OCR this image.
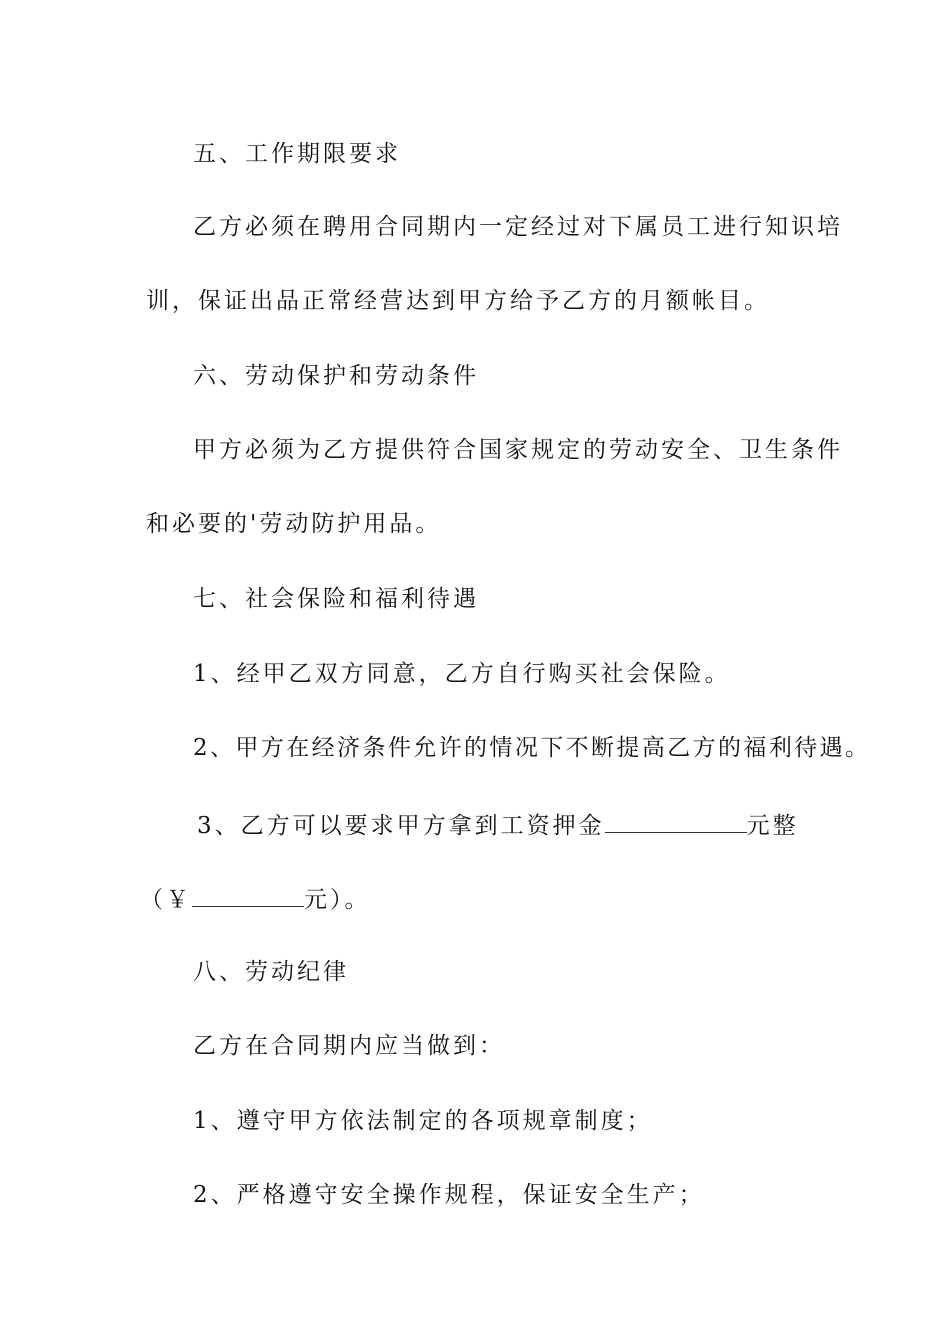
五、工作期限要求

乙方必须在聘用合同期内一定经过对下属员工进行知识培

训，保证出品正常经营达到甲方给予乙方的月额帐目。

六、劳动保护和劳动条件

甲方必须为乙方提供符合国家规定的劳动安全、卫生条件

和必要的'劳动防护用品。

七、社会保险和福利待遇

1、经甲乙双方同意，乙方自行购买社会保险。

2、甲方在经济条件允许的情况下不断提高乙方的福利待遇。

3、乙方可以要求甲方拿到工资押金	元整

（￥	元）。

八、劳动纪律

乙方在合同期内应当做到：

1、遵守甲方依法制定的各项规章制度；

2、严格遵守安全操作规程，保证安全生产；
